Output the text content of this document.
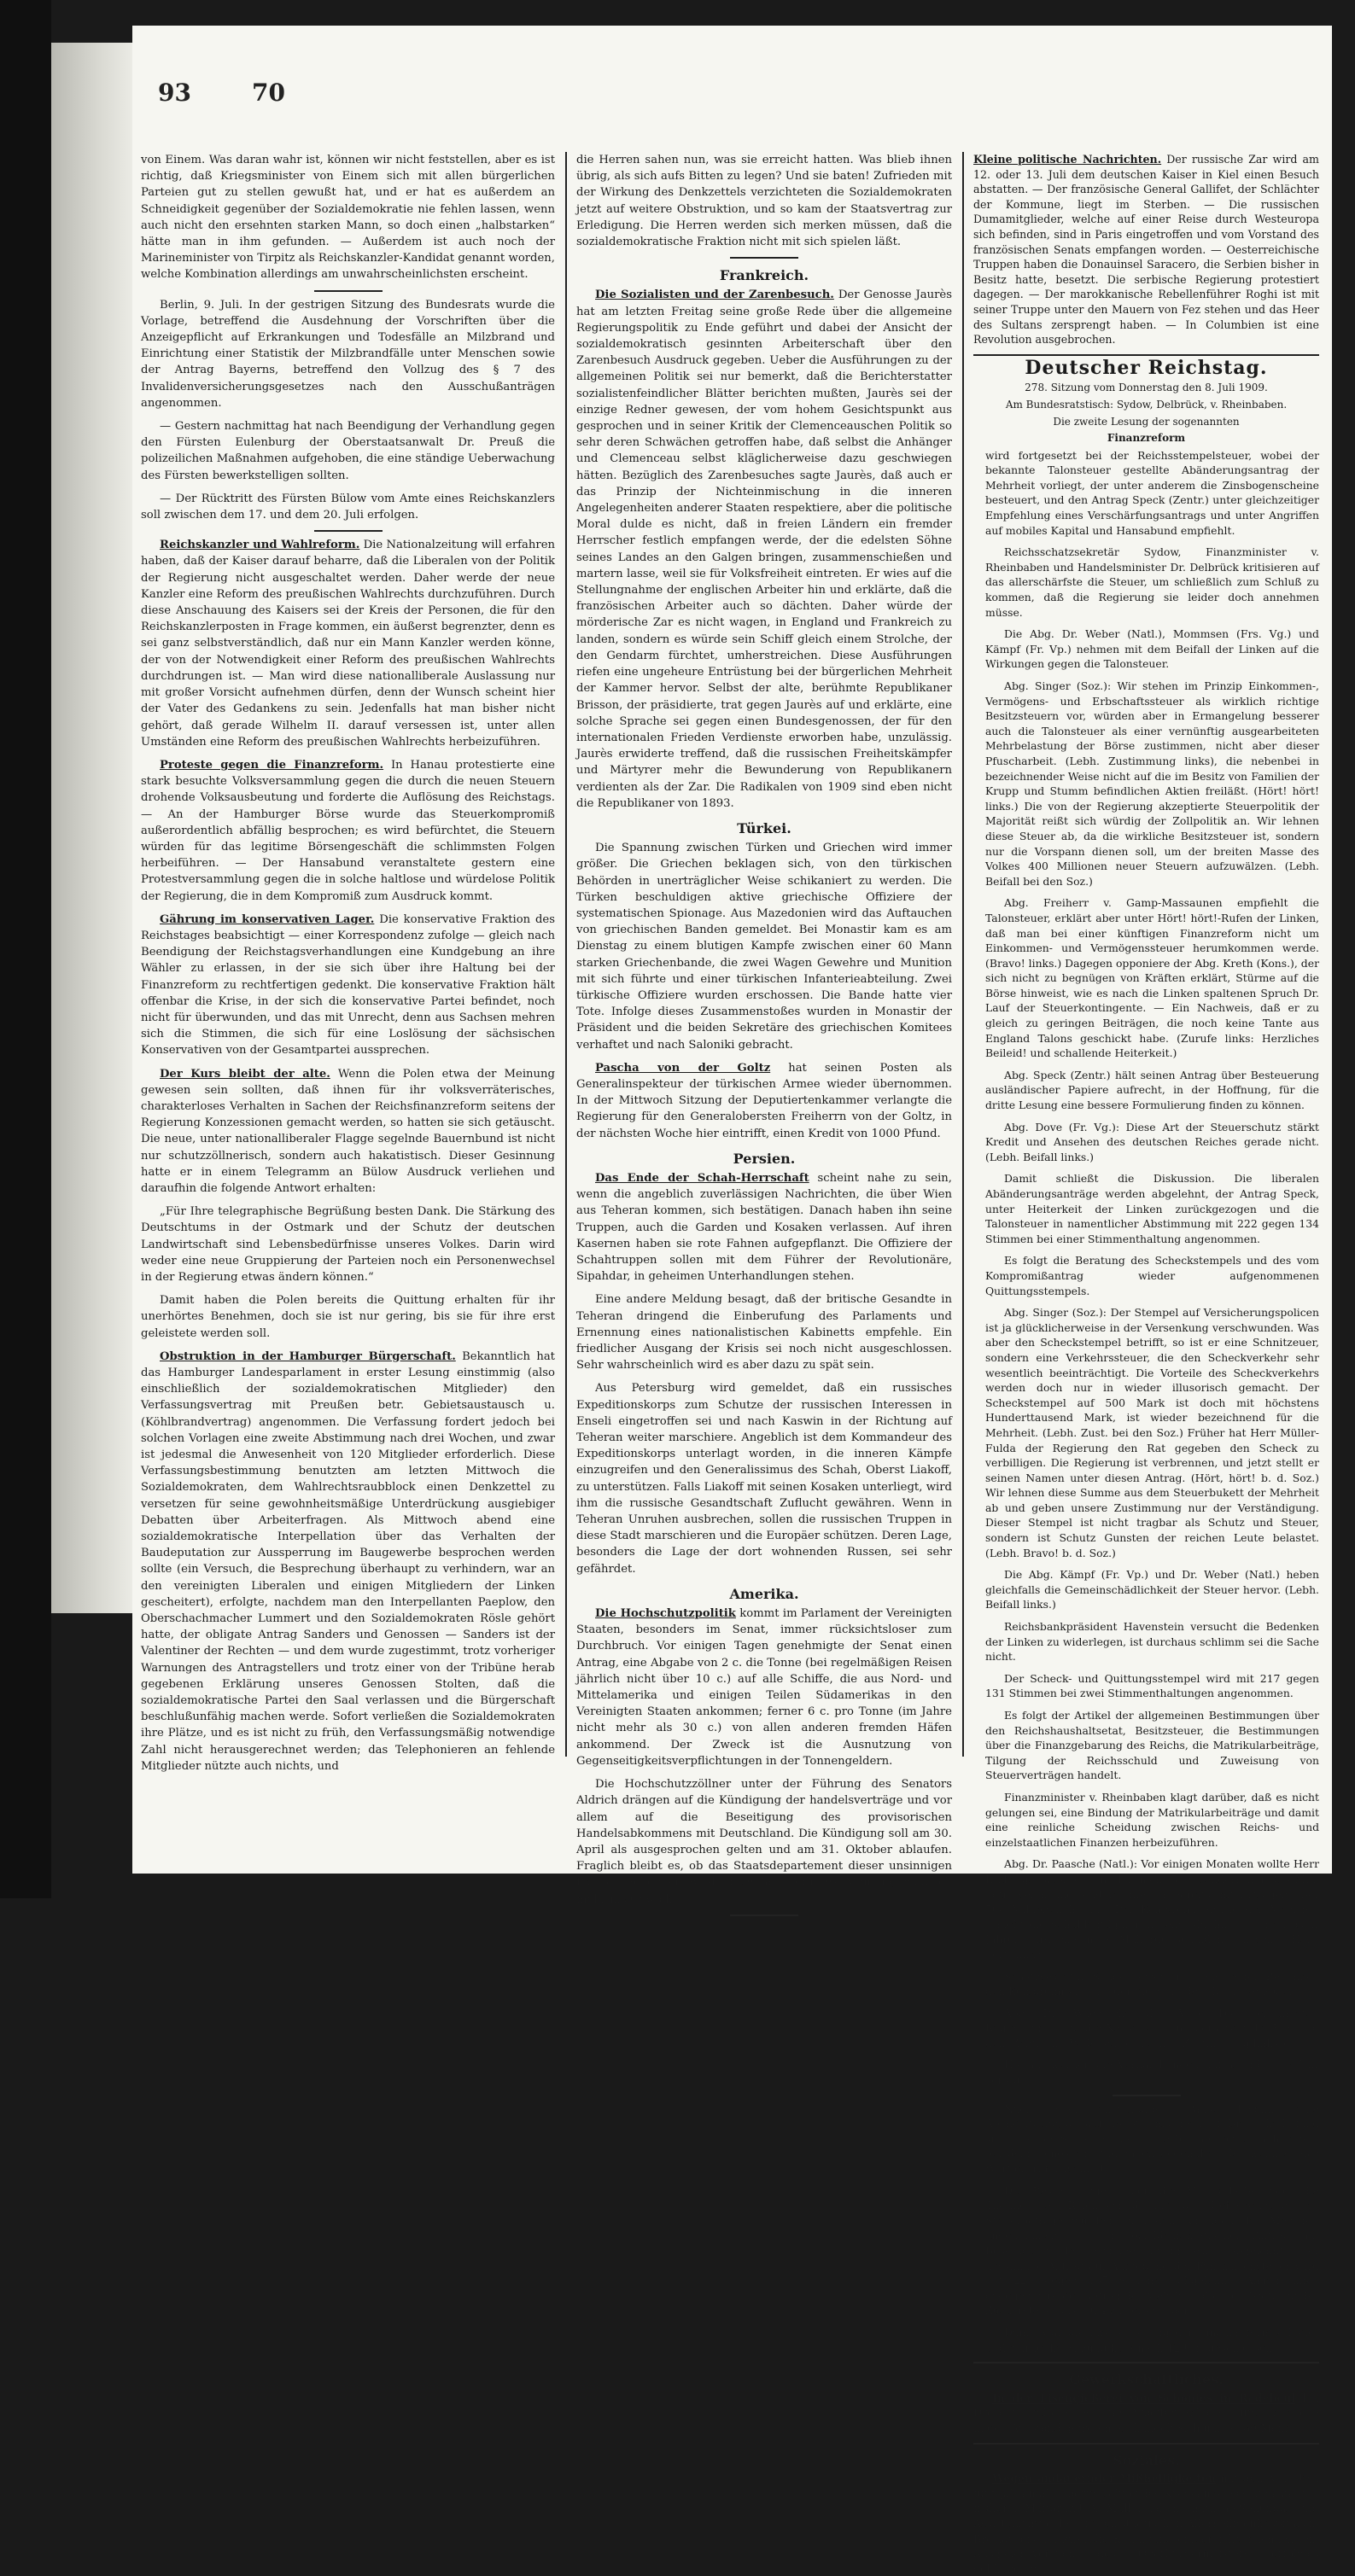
93	70

von Einem. Was daran wahr ist, können wir nicht feststellen, aber es ist richtig, daß Kriegsminister von Einem sich mit allen bürgerlichen Parteien gut zu stellen gewußt hat, und er hat es außerdem an Schneidigkeit gegenüber der Sozialdemokratie nie fehlen lassen, wenn auch nicht den ersehnten starken Mann, so doch einen „halbstarken“ hätte man in ihm gefunden. — Außerdem ist auch noch der Marineminister von Tirpitz als Reichskanzler-Kandidat genannt worden, welche Kombination allerdings am unwahrscheinlichsten erscheint.

Berlin, 9. Juli. In der gestrigen Sitzung des Bundesrats wurde die Vorlage, betreffend die Ausdehnung der Vorschriften über die Anzeigepflicht auf Erkrankungen und Todesfälle an Milzbrand und Einrichtung einer Statistik der Milzbrandfälle unter Menschen sowie der Antrag Bayerns, betreffend den Vollzug des § 7 des Invalidenversicherungsgesetzes nach den Ausschußanträgen angenommen.

— Gestern nachmittag hat nach Beendigung der Verhandlung gegen den Fürsten Eulenburg der Oberstaatsanwalt Dr. Preuß die polizeilichen Maßnahmen aufgehoben, die eine ständige Ueberwachung des Fürsten bewerkstelligen sollten.

— Der Rücktritt des Fürsten Bülow vom Amte eines Reichskanzlers soll zwischen dem 17. und dem 20. Juli erfolgen.

Reichskanzler und Wahlreform. Die Nationalzeitung will erfahren haben, daß der Kaiser darauf beharre, daß die Liberalen von der Politik der Regierung nicht ausgeschaltet werden. Daher werde der neue Kanzler eine Reform des preußischen Wahlrechts durchzuführen. Durch diese Anschauung des Kaisers sei der Kreis der Personen, die für den Reichskanzlerposten in Frage kommen, ein äußerst begrenzter, denn es sei ganz selbstverständlich, daß nur ein Mann Kanzler werden könne, der von der Notwendigkeit einer Reform des preußischen Wahlrechts durchdrungen ist. — Man wird diese nationalliberale Auslassung nur mit großer Vorsicht aufnehmen dürfen, denn der Wunsch scheint hier der Vater des Gedankens zu sein. Jedenfalls hat man bisher nicht gehört, daß gerade Wilhelm II. darauf versessen ist, unter allen Umständen eine Reform des preußischen Wahlrechts herbeizuführen.

Proteste gegen die Finanzreform. In Hanau protestierte eine stark besuchte Volksversammlung gegen die durch die neuen Steuern drohende Volksausbeutung und forderte die Auflösung des Reichstags. — An der Hamburger Börse wurde das Steuerkompromiß außerordentlich abfällig besprochen; es wird befürchtet, die Steuern würden für das legitime Börsengeschäft die schlimmsten Folgen herbeiführen. — Der Hansabund veranstaltete gestern eine Protestversammlung gegen die in solche haltlose und würdelose Politik der Regierung, die in dem Kompromiß zum Ausdruck kommt.

Gährung im konservativen Lager. Die konservative Fraktion des Reichstages beabsichtigt — einer Korrespondenz zufolge — gleich nach Beendigung der Reichstagsverhandlungen eine Kundgebung an ihre Wähler zu erlassen, in der sie sich über ihre Haltung bei der Finanzreform zu rechtfertigen gedenkt. Die konservative Fraktion hält offenbar die Krise, in der sich die konservative Partei befindet, noch nicht für überwunden, und das mit Unrecht, denn aus Sachsen mehren sich die Stimmen, die sich für eine Loslösung der sächsischen Konservativen von der Gesamtpartei aussprechen.

Der Kurs bleibt der alte. Wenn die Polen etwa der Meinung gewesen sein sollten, daß ihnen für ihr volksverräterisches, charakterloses Verhalten in Sachen der Reichsfinanzreform seitens der Regierung Konzessionen gemacht werden, so hatten sie sich getäuscht. Die neue, unter nationalliberaler Flagge segelnde Bauernbund ist nicht nur schutzzöllnerisch, sondern auch hakatistisch. Dieser Gesinnung hatte er in einem Telegramm an Bülow Ausdruck verliehen und daraufhin die folgende Antwort erhalten:

„Für Ihre telegraphische Begrüßung besten Dank. Die Stärkung des Deutschtums in der Ostmark und der Schutz der deutschen Landwirtschaft sind Lebensbedürfnisse unseres Volkes. Darin wird weder eine neue Gruppierung der Parteien noch ein Personenwechsel in der Regierung etwas ändern können.“

Damit haben die Polen bereits die Quittung erhalten für ihr unerhörtes Benehmen, doch sie ist nur gering, bis sie für ihre erst geleistete werden soll.

Obstruktion in der Hamburger Bürgerschaft. Bekanntlich hat das Hamburger Landesparlament in erster Lesung einstimmig (also einschließlich der sozialdemokratischen Mitglieder) den Verfassungsvertrag mit Preußen betr. Gebietsaustausch u. (Köhlbrandvertrag) angenommen. Die Verfassung fordert jedoch bei solchen Vorlagen eine zweite Abstimmung nach drei Wochen, und zwar ist jedesmal die Anwesenheit von 120 Mitglieder erforderlich. Diese Verfassungsbestimmung benutzten am letzten Mittwoch die Sozialdemokraten, dem Wahlrechtsraubblock einen Denkzettel zu versetzen für seine gewohnheitsmäßige Unterdrückung ausgiebiger Debatten über Arbeiterfragen. Als Mittwoch abend eine sozialdemokratische Interpellation über das Verhalten der Baudeputation zur Aussperrung im Baugewerbe besprochen werden sollte (ein Versuch, die Besprechung überhaupt zu verhindern, war an den vereinigten Liberalen und einigen Mitgliedern der Linken gescheitert), erfolgte, nachdem man den Interpellanten Paeplow, den Oberschachmacher Lummert und den Sozialdemokraten Rösle gehört hatte, der obligate Antrag Sanders und Genossen — Sanders ist der Valentiner der Rechten — und dem wurde zugestimmt, trotz vorheriger Warnungen des Antragstellers und trotz einer von der Tribüne herab gegebenen Erklärung unseres Genossen Stolten, daß die sozialdemokratische Partei den Saal verlassen und die Bürgerschaft beschlußunfähig machen werde. Sofort verließen die Sozialdemokraten ihre Plätze, und es ist nicht zu früh, den Verfassungsmäßig notwendige Zahl nicht herausgerechnet werden; das Telephonieren an fehlende Mitglieder nützte auch nichts, und

die Herren sahen nun, was sie erreicht hatten. Was blieb ihnen übrig, als sich aufs Bitten zu legen? Und sie baten! Zufrieden mit der Wirkung des Denkzettels verzichteten die Sozialdemokraten jetzt auf weitere Obstruktion, und so kam der Staatsvertrag zur Erledigung. Die Herren werden sich merken müssen, daß die sozialdemokratische Fraktion nicht mit sich spielen läßt.

Frankreich.

Die Sozialisten und der Zarenbesuch. Der Genosse Jaurès hat am letzten Freitag seine große Rede über die allgemeine Regierungspolitik zu Ende geführt und dabei der Ansicht der sozialdemokratisch gesinnten Arbeiterschaft über den Zarenbesuch Ausdruck gegeben. Ueber die Ausführungen zu der allgemeinen Politik sei nur bemerkt, daß die Berichterstatter sozialistenfeindlicher Blätter berichten mußten, Jaurès sei der einzige Redner gewesen, der vom hohem Gesichtspunkt aus gesprochen und in seiner Kritik der Clemenceauschen Politik so sehr deren Schwächen getroffen habe, daß selbst die Anhänger und Clemenceau selbst kläglicherweise dazu geschwiegen hätten. Bezüglich des Zarenbesuches sagte Jaurès, daß auch er das Prinzip der Nichteinmischung in die inneren Angelegenheiten anderer Staaten respektiere, aber die politische Moral dulde es nicht, daß in freien Ländern ein fremder Herrscher festlich empfangen werde, der die edelsten Söhne seines Landes an den Galgen bringen, zusammenschießen und martern lasse, weil sie für Volksfreiheit eintreten. Er wies auf die Stellungnahme der englischen Arbeiter hin und erklärte, daß die französischen Arbeiter auch so dächten. Daher würde der mörderische Zar es nicht wagen, in England und Frankreich zu landen, sondern es würde sein Schiff gleich einem Strolche, der den Gendarm fürchtet, umherstreichen. Diese Ausführungen riefen eine ungeheure Entrüstung bei der bürgerlichen Mehrheit der Kammer hervor. Selbst der alte, berühmte Republikaner Brisson, der präsidierte, trat gegen Jaurès auf und erklärte, eine solche Sprache sei gegen einen Bundesgenossen, der für den internationalen Frieden Verdienste erworben habe, unzulässig. Jaurès erwiderte treffend, daß die russischen Freiheitskämpfer und Märtyrer mehr die Bewunderung von Republikanern verdienten als der Zar. Die Radikalen von 1909 sind eben nicht die Republikaner von 1893.

Türkei.

Die Spannung zwischen Türken und Griechen wird immer größer. Die Griechen beklagen sich, von den türkischen Behörden in unerträglicher Weise schikaniert zu werden. Die Türken beschuldigen aktive griechische Offiziere der systematischen Spionage. Aus Mazedonien wird das Auftauchen von griechischen Banden gemeldet. Bei Monastir kam es am Dienstag zu einem blutigen Kampfe zwischen einer 60 Mann starken Griechenbande, die zwei Wagen Gewehre und Munition mit sich führte und einer türkischen Infanterieabteilung. Zwei türkische Offiziere wurden erschossen. Die Bande hatte vier Tote. Infolge dieses Zusammenstoßes wurden in Monastir der Präsident und die beiden Sekretäre des griechischen Komitees verhaftet und nach Saloniki gebracht.

Pascha von der Goltz hat seinen Posten als Generalinspekteur der türkischen Armee wieder übernommen. In der Mittwoch Sitzung der Deputiertenkammer verlangte die Regierung für den Generalobersten Freiherrn von der Goltz, in der nächsten Woche hier eintrifft, einen Kredit von 1000 Pfund.

Persien.

Das Ende der Schah-Herrschaft scheint nahe zu sein, wenn die angeblich zuverlässigen Nachrichten, die über Wien aus Teheran kommen, sich bestätigen. Danach haben ihn seine Truppen, auch die Garden und Kosaken verlassen. Auf ihren Kasernen haben sie rote Fahnen aufgepflanzt. Die Offiziere der Schahtruppen sollen mit dem Führer der Revolutionäre, Sipahdar, in geheimen Unterhandlungen stehen.

Eine andere Meldung besagt, daß der britische Gesandte in Teheran dringend die Einberufung des Parlaments und Ernennung eines nationalistischen Kabinetts empfehle. Ein friedlicher Ausgang der Krisis sei noch nicht ausgeschlossen. Sehr wahrscheinlich wird es aber dazu zu spät sein.

Aus Petersburg wird gemeldet, daß ein russisches Expeditionskorps zum Schutze der russischen Interessen in Enseli eingetroffen sei und nach Kaswin in der Richtung auf Teheran weiter marschiere. Angeblich ist dem Kommandeur des Expeditionskorps unterlagt worden, in die inneren Kämpfe einzugreifen und den Generalissimus des Schah, Oberst Liakoff, zu unterstützen. Falls Liakoff mit seinen Kosaken unterliegt, wird ihm die russische Gesandtschaft Zuflucht gewähren. Wenn in Teheran Unruhen ausbrechen, sollen die russischen Truppen in diese Stadt marschieren und die Europäer schützen. Deren Lage, besonders die Lage der dort wohnenden Russen, sei sehr gefährdet.

Amerika.

Die Hochschutzpolitik kommt im Parlament der Vereinigten Staaten, besonders im Senat, immer rücksichtsloser zum Durchbruch. Vor einigen Tagen genehmigte der Senat einen Antrag, eine Abgabe von 2 c. die Tonne (bei regelmäßigen Reisen jährlich nicht über 10 c.) auf alle Schiffe, die aus Nord- und Mittelamerika und einigen Teilen Südamerikas in den Vereinigten Staaten ankommen; ferner 6 c. pro Tonne (im Jahre nicht mehr als 30 c.) von allen anderen fremden Häfen ankommend. Der Zweck ist die Ausnutzung von Gegenseitigkeitsverpflichtungen in der Tonnengeldern.

Die Hochschutzzöllner unter der Führung des Senators Aldrich drängen auf die Kündigung der handelsverträge und vor allem auf die Beseitigung des provisorischen Handelsabkommens mit Deutschland. Die Kündigung soll am 30. April als ausgesprochen gelten und am 31. Oktober ablaufen. Fraglich bleibt es, ob das Staatsdepartement dieser unsinnigen Politik nachgeben wird, doch fällt Aldrichs Meinung plötzlich mehr ins Gewicht.

Kleine politische Nachrichten. Der russische Zar wird am 12. oder 13. Juli dem deutschen Kaiser in Kiel einen Besuch abstatten. — Der französische General Gallifet, der Schlächter der Kommune, liegt im Sterben. — Die russischen Dumamitglieder, welche auf einer Reise durch Westeuropa sich befinden, sind in Paris eingetroffen und vom Vorstand des französischen Senats empfangen worden. — Oesterreichische Truppen haben die Donauinsel Saracero, die Serbien bisher in Besitz hatte, besetzt. Die serbische Regierung protestiert dagegen. — Der marokkanische Rebellenführer Roghi ist mit seiner Truppe unter den Mauern von Fez stehen und das Heer des Sultans zersprengt haben. — In Columbien ist eine Revolution ausgebrochen.

Deutscher Reichstag.
278. Sitzung vom Donnerstag den 8. Juli 1909.
Am Bundesratstisch: Sydow, Delbrück, v. Rheinbaben.
Die zweite Lesung der sogenannten
Finanzreform

wird fortgesetzt bei der Reichsstempelsteuer, wobei der bekannte Talonsteuer gestellte Abänderungsantrag der Mehrheit vorliegt, der unter anderem die Zinsbogenscheine besteuert, und den Antrag Speck (Zentr.) unter gleichzeitiger Empfehlung eines Verschärfungsantrags und unter Angriffen auf mobiles Kapital und Hansabund empfiehlt.

Reichsschatzsekretär Sydow, Finanzminister v. Rheinbaben und Handelsminister Dr. Delbrück kritisieren auf das allerschärfste die Steuer, um schließlich zum Schluß zu kommen, daß die Regierung sie leider doch annehmen müsse.

Die Abg. Dr. Weber (Natl.), Mommsen (Frs. Vg.) und Kämpf (Fr. Vp.) nehmen mit dem Beifall der Linken auf die Wirkungen gegen die Talonsteuer.

Abg. Singer (Soz.): Wir stehen im Prinzip Einkommen-, Vermögens- und Erbschaftssteuer als wirklich richtige Besitzsteuern vor, würden aber in Ermangelung besserer auch die Talonsteuer als einer vernünftig ausgearbeiteten Mehrbelastung der Börse zustimmen, nicht aber dieser Pfuscharbeit. (Lebh. Zustimmung links), die nebenbei in bezeichnender Weise nicht auf die im Besitz von Familien der Krupp und Stumm befindlichen Aktien freiläßt. (Hört! hört! links.) Die von der Regierung akzeptierte Steuerpolitik der Majorität reißt sich würdig der Zollpolitik an. Wir lehnen diese Steuer ab, da die wirkliche Besitzsteuer ist, sondern nur die Vorspann dienen soll, um der breiten Masse des Volkes 400 Millionen neuer Steuern aufzuwälzen. (Lebh. Beifall bei den Soz.)

Abg. Freiherr v. Gamp-Massaunen empfiehlt die Talonsteuer, erklärt aber unter Hört! hört!-Rufen der Linken, daß man bei einer künftigen Finanzreform nicht um Einkommen- und Vermögenssteuer herumkommen werde. (Bravo! links.) Dagegen opponiere der Abg. Kreth (Kons.), der sich nicht zu begnügen von Kräften erklärt, Stürme auf die Börse hinweist, wie es nach die Linken spaltenen Spruch Dr. Lauf der Steuerkontingente. — Ein Nachweis, daß er zu gleich zu geringen Beiträgen, die noch keine Tante aus England Talons geschickt habe. (Zurufe links: Herzliches Beileid! und schallende Heiterkeit.)

Abg. Speck (Zentr.) hält seinen Antrag über Besteuerung ausländischer Papiere aufrecht, in der Hoffnung, für die dritte Lesung eine bessere Formulierung finden zu können.

Abg. Dove (Fr. Vg.): Diese Art der Steuerschutz stärkt Kredit und Ansehen des deutschen Reiches gerade nicht. (Lebh. Beifall links.)

Damit schließt die Diskussion. Die liberalen Abänderungsanträge werden abgelehnt, der Antrag Speck, unter Heiterkeit der Linken zurückgezogen und die Talonsteuer in namentlicher Abstimmung mit 222 gegen 134 Stimmen bei einer Stimmenthaltung angenommen.

Es folgt die Beratung des Scheckstempels und des vom Kompromißantrag wieder aufgenommenen Quittungsstempels.

Abg. Singer (Soz.): Der Stempel auf Versicherungspolicen ist ja glücklicherweise in der Versenkung verschwunden. Was aber den Scheckstempel betrifft, so ist er eine Schnitzeuer, sondern eine Verkehrssteuer, die den Scheckverkehr sehr wesentlich beeinträchtigt. Die Vorteile des Scheckverkehrs werden doch nur in wieder illusorisch gemacht. Der Scheckstempel auf 500 Mark ist doch mit höchstens Hunderttausend Mark, ist wieder bezeichnend für die Mehrheit. (Lebh. Zust. bei den Soz.) Früher hat Herr Müller-Fulda der Regierung den Rat gegeben den Scheck zu verbilligen. Die Regierung ist verbrennen, und jetzt stellt er seinen Namen unter diesen Antrag. (Hört, hört! b. d. Soz.) Wir lehnen diese Summe aus dem Steuerbukett der Mehrheit ab und geben unsere Zustimmung nur der Verständigung. Dieser Stempel ist nicht tragbar als Schutz und Steuer, sondern ist Schutz Gunsten der reichen Leute belastet. (Lebh. Bravo! b. d. Soz.)

Die Abg. Kämpf (Fr. Vp.) und Dr. Weber (Natl.) heben gleichfalls die Gemeinschädlichkeit der Steuer hervor. (Lebh. Beifall links.)

Reichsbankpräsident Havenstein versucht die Bedenken der Linken zu widerlegen, ist durchaus schlimm sei die Sache nicht.

Der Scheck- und Quittungsstempel wird mit 217 gegen 131 Stimmen bei zwei Stimmenthaltungen angenommen.

Es folgt der Artikel der allgemeinen Bestimmungen über den Reichshaushaltsetat, Besitzsteuer, die Bestimmungen über die Finanzgebarung des Reichs, die Matrikularbeiträge, Tilgung der Reichsschuld und Zuweisung von Steuerverträgen handelt.

Finanzminister v. Rheinbaben klagt darüber, daß es nicht gelungen sei, eine Bindung der Matrikularbeiträge und damit eine reinliche Scheidung zwischen Reichs- und einzelstaatlichen Finanzen herbeizuführen.

Abg. Dr. Paasche (Natl.): Vor einigen Monaten wollte Herr Erzberger ausrechnen, daß nicht 500, sondern nur 300 Mill. nötig seien und jetzt rechnet er bereits mit Erträgen über 500 Millionen heraus. Der Kompromißantrag der Mehrheit schiebt die Schuldentilgung um ein Jahr hinaus. In ein paar Jahren wird eine neue Milliarde Schulden voll sein. (Hört, hört! links.)

Schatzsekretär Sydow accepiert trotz seiner Bedenken den Kompromißantrag, der die Schuldentilgung verzögert.

Abg. Dr. Wachnicke (Fr. Vg.): Die verbündeten Regierungen und die Konservativen überlassen die Führung dem Zentrum. (Widerspruch rechts, Zustimmung links.)

Hierauf werden die Verhandlungen auf abends 8 ½ Uhr vertagt.

Nach einer einstündigen Pause begann eine Abendsitzung, die äußerst stürmisch verlief. Die Linke befand sich in einer Situation, die sie so beinahe ohne nach sehen, bei dem Genossen Stadthagen gegenüber, der wenn er das Wort ergriff, rüpelhaft.

Die Bestimmungen über die Matrikularbeiträge, die Tilgung der Reichsschuld und die Ueberweisung von Steuerbeträge wurden nach den Anträgen der Mehrheit angenommen. — Ein sozialdemokratischer Antrag auf Beseitigung der Schuldentilgung wird abgelehnt. Der freisinnige Antrag auf Aufhebung der Fahrkartensteuer wird mit 223 gegen 137 Stimmen abgelehnt. Angenommen dagegen wird der Antrag der Mehrheit, die Herabsetzung der Zuckersteuer bis 1914 zu verschieben.

Damit war die zweite Lesung der Finanzreform erledigt und wurde die Sitzung kurz nach 12 Uhr geschlossen.

Gewerkschaftliches.

In der Eisengießerei von Schönies in Radebeul bei Dresden sind die gesamten Arbeiter, Schlosser und Schmiede in den Ausstand getreten; es handelt sich um ca. 80 Mann.

Soziales.

Wegen andauernder Mißhelligkeiten mit dem vor etwa fünf Jahren als Oberinspektor des Krankenhauses angestellten früheren Militärarzt Dr. Müller haben sämtliche Sekundär- und Assistenzärzte des großen städtischen Allerheiligenhospitals in Breslau bis auf zwei die Kündigung eingereicht, nachdem ein Ausgleichsversuch des Oberbürgermeisters erfolglos geblieben war.
